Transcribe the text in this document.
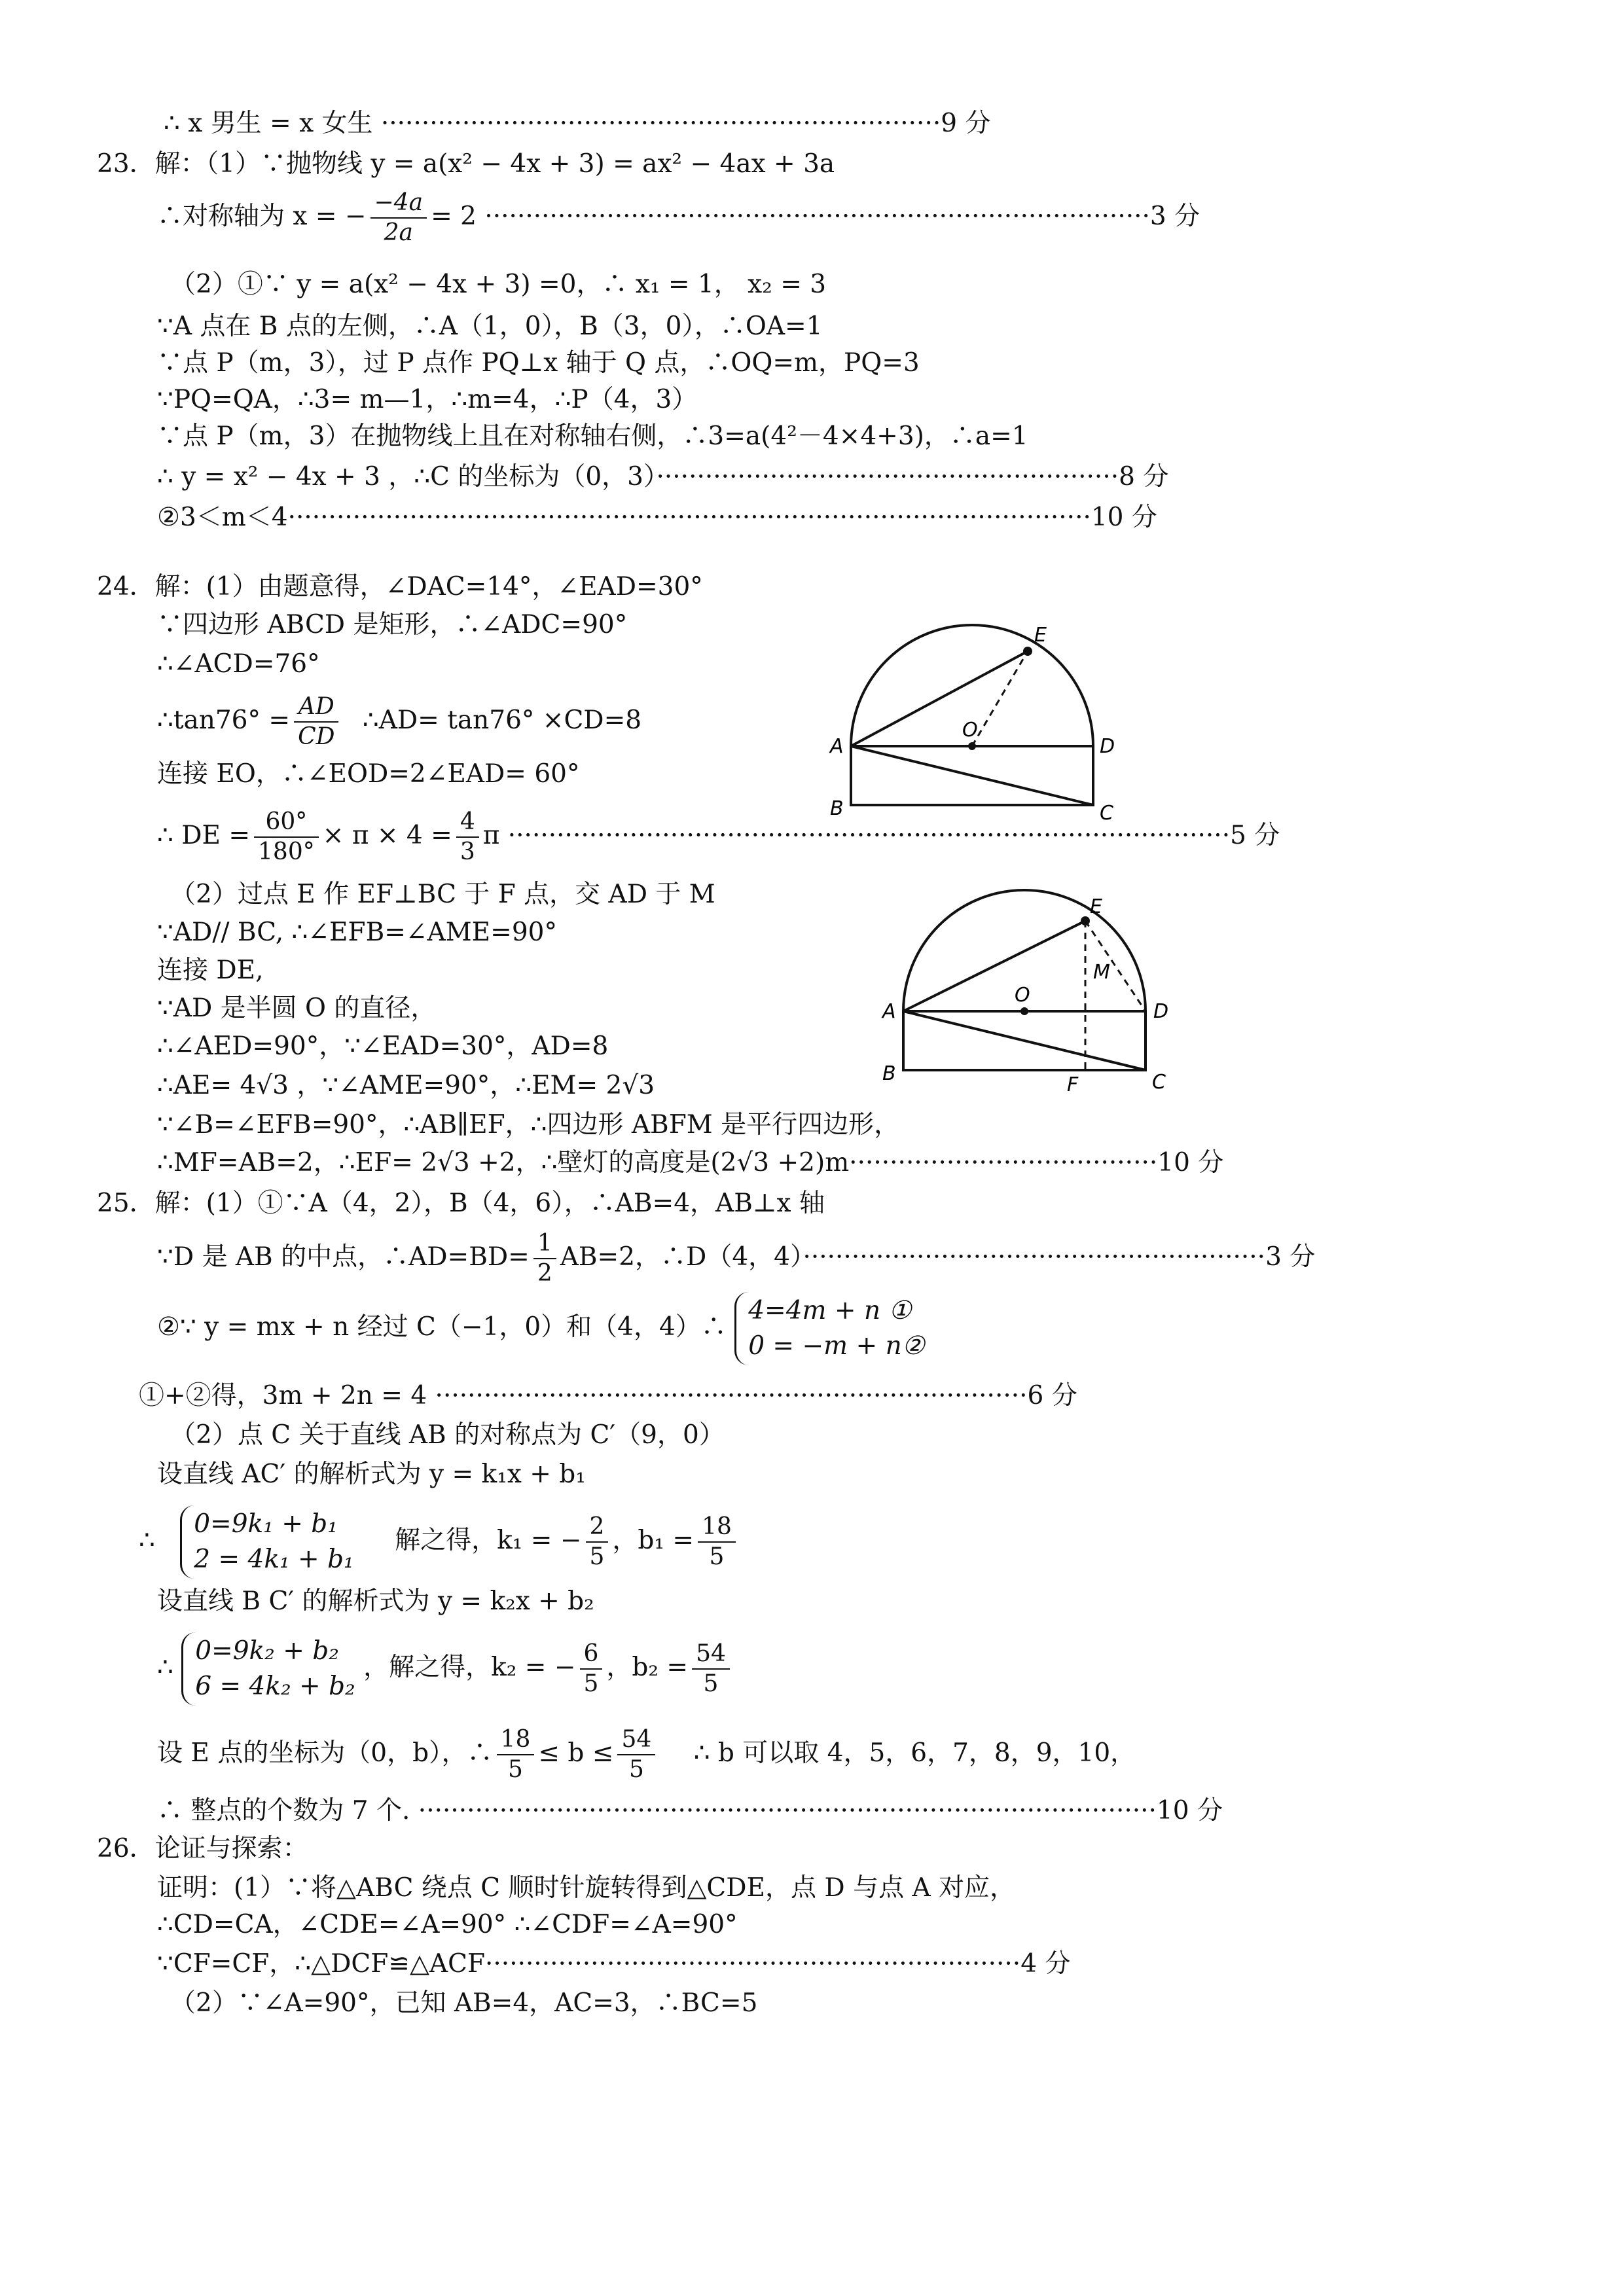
∴ x 男生 = x 女生 ·····································································9 分
23．解：（1）∵抛物线 y = a(x² − 4x + 3) = ax² − 4ax + 3a
∴对称轴为 x = − $\frac{-4a}{2a} = 2 \cdot\cdot\cdot\cdot\cdot\cdot\cdot\cdot\cdot\cdot\cdot\cdot\cdot\cdot\cdot\cdot\cdot\cdot\cdot\cdot\cdot\cdot\cdot\cdot\cdot\cdot\cdot\cdot\cdot\cdot\cdot\cdot\cdot\cdot\cdot\cdot\cdot\cdot\cdot\cdot\cdot\cdot\cdot\cdot\cdot\cdot\cdot\cdot\cdot\cdot\cdot\cdot\cdot\cdot\cdot\cdot\cdot\cdot\cdot\cdot\cdot\cdot\cdot\cdot\cdot\cdot\cdot\cdot\cdot\cdot\cdot\cdot\cdot\cdot\cdot\cdot\cdot\cdot\cdot\cdot\cdot\cdot 3$ 分
（2）①∵ y = a(x² − 4x + 3) =0，∴ x₁ = 1， x₂ = 3
∵A 点在 B 点的左侧，∴A（1，0），B（3，0），∴OA=1
∵点 P（m，3），过 P 点作 PQ⊥x 轴于 Q 点，∴OQ=m，PQ=3
∵PQ=QA，∴3= m—1，∴m=4，∴P（4，3）
∵点 P（m，3）在抛物线上且在对称轴右侧，∴3=a(4²－4×4+3)，∴a=1
∴ y = x² − 4x + 3 ，∴C 的坐标为（0，3）·························································8 分
②3＜m＜4···································································································10 分
24．解：(1）由题意得，∠DAC=14°，∠EAD=30°
∵四边形 ABCD 是矩形，∴∠ADC=90°
∴∠ACD=76°
∴tan76° = $\frac{AD}{CD}$ ∴AD= tan76° ×CD=8
连接 EO，∴∠EOD=2∠EAD= 60°
∴ DE = $\frac{60^\circ}{180^\circ} \times \pi \times 4 = \frac{4}{3}$ π ·························································································5 分
（2）过点 E 作 EF⊥BC 于 F 点，交 AD 于 M
∵AD// BC, ∴∠EFB=∠AME=90°
连接 DE,
∵AD 是半圆 O 的直径，
∴∠AED=90°，∵∠EAD=30°，AD=8
∴AE= 4√3 ，∵∠AME=90°，∴EM= 2√3
∵∠B=∠EFB=90°，∴AB∥EF，∴四边形 ABFM 是平行四边形，
∴MF=AB=2，∴EF= 2√3 +2，∴壁灯的高度是(2√3 +2)m······································10 分
25．解：(1）①∵A（4，2），B（4，6），∴AB=4，AB⊥x 轴
∵D 是 AB 的中点，∴AD=BD= $\frac{1}{2} AB=2$，∴D（4，4）·························································3 分
②∵ y = mx + n 经过 C（−1，0）和（4，4）∴
4=4m + n ①
0 = −m + n②
①+②得，3m + 2n = 4 ·········································································6 分
（2）点 C 关于直线 AB 的对称点为 C′（9，0）
设直线 AC′ 的解析式为 y = k₁x + b₁
∴
0=9k₁ + b₁
2 = 4k₁ + b₁
解之得，k₁ = − $\frac{2}{5}$ ，$b_1 = \frac{18}{5}$
设直线 B C′ 的解析式为 y = k₂x + b₂
∴
0=9k₂ + b₂
6 = 4k₂ + b₂
，解之得，k₂ = − $\frac{6}{5}$ ，$b_2 = \frac{54}{5}$
设 E 点的坐标为（0，b），∴ $\frac{18}{5} \le b \le \frac{54}{5}$ ∴ b 可以取 4，5，6，7，8，9，10，
∴ 整点的个数为 7 个. ···························································································10 分
26．论证与探索：
证明：(1）∵将△ABC 绕点 C 顺时针旋转得到△CDE，点 D 与点 A 对应，
∴CD=CA，∠CDE=∠A=90° ∴∠CDF=∠A=90°
∵CF=CF，∴△DCF≌△ACF··································································4 分
（2）∵∠A=90°，已知 AB=4，AC=3，∴BC=5
A
B	C
D
E
O
A
B	C
D
E
O
M
F
